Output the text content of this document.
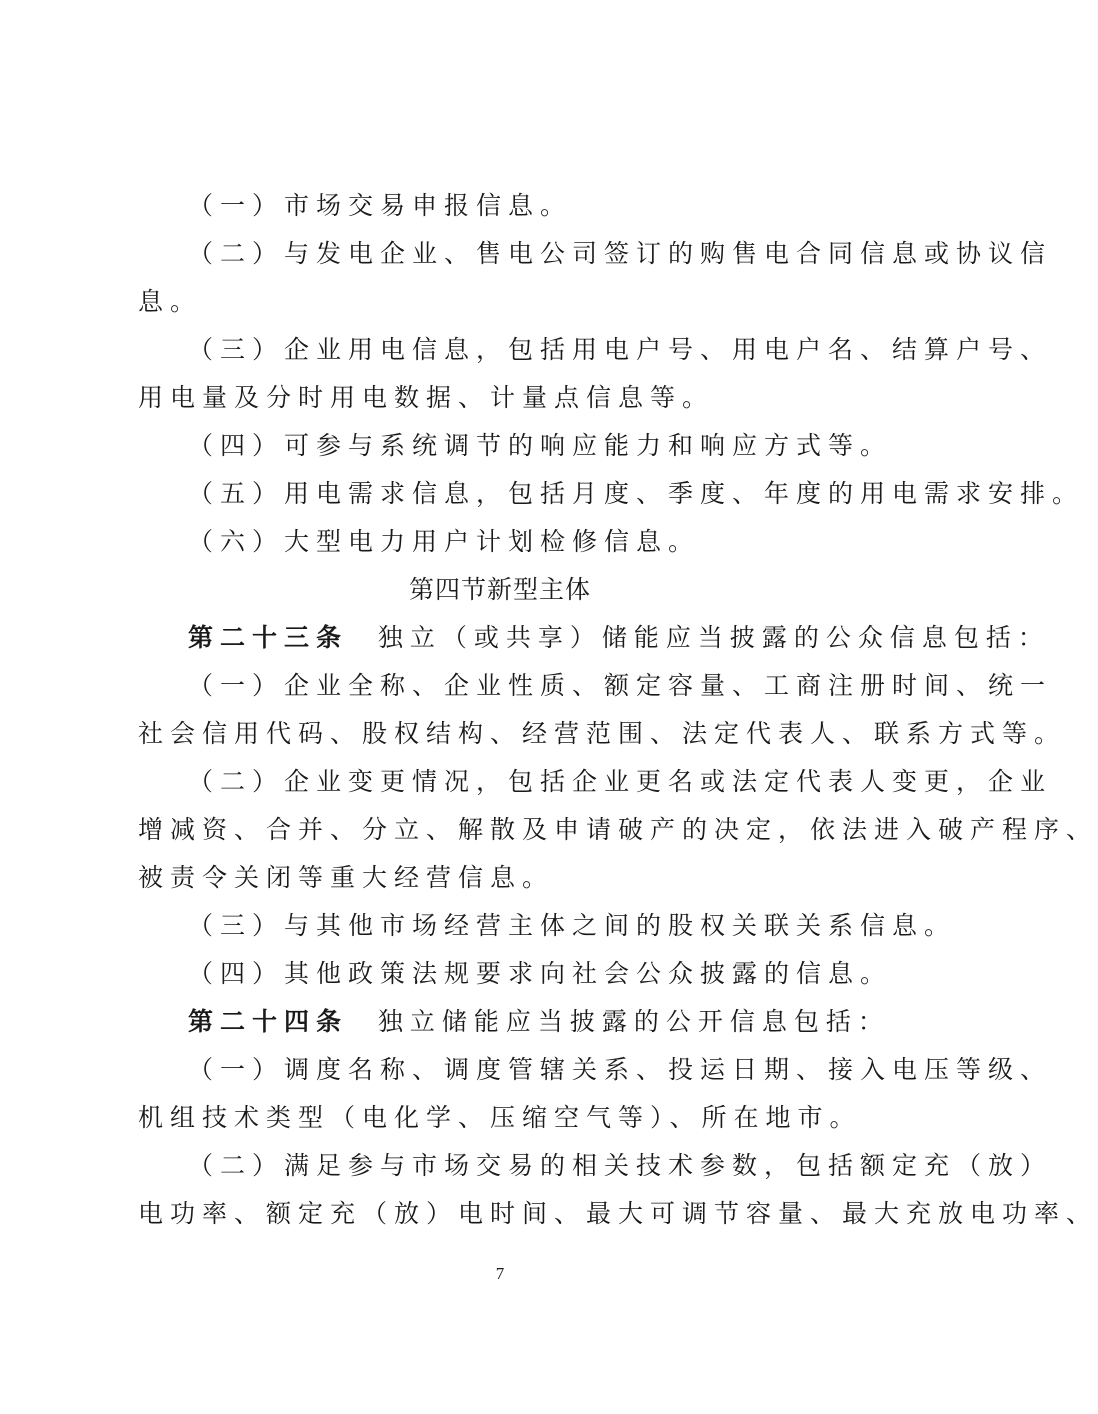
（一）市场交易申报信息。
（二）与发电企业、售电公司签订的购售电合同信息或协议信
息。
（三）企业用电信息，包括用电户号、用电户名、结算户号、
用电量及分时用电数据、计量点信息等。
（四）可参与系统调节的响应能力和响应方式等。
（五）用电需求信息，包括月度、季度、年度的用电需求安排。
（六）大型电力用户计划检修信息。
第四节新型主体
第二十三条 独立（或共享）储能应当披露的公众信息包括：
（一）企业全称、企业性质、额定容量、工商注册时间、统一
社会信用代码、股权结构、经营范围、法定代表人、联系方式等。
（二）企业变更情况，包括企业更名或法定代表人变更，企业
增减资、合并、分立、解散及申请破产的决定，依法进入破产程序、
被责令关闭等重大经营信息。
（三）与其他市场经营主体之间的股权关联关系信息。
（四）其他政策法规要求向社会公众披露的信息。
第二十四条 独立储能应当披露的公开信息包括：
（一）调度名称、调度管辖关系、投运日期、接入电压等级、
机组技术类型（电化学、压缩空气等）、所在地市。
（二）满足参与市场交易的相关技术参数，包括额定充（放）
电功率、额定充（放）电时间、最大可调节容量、最大充放电功率、
7
